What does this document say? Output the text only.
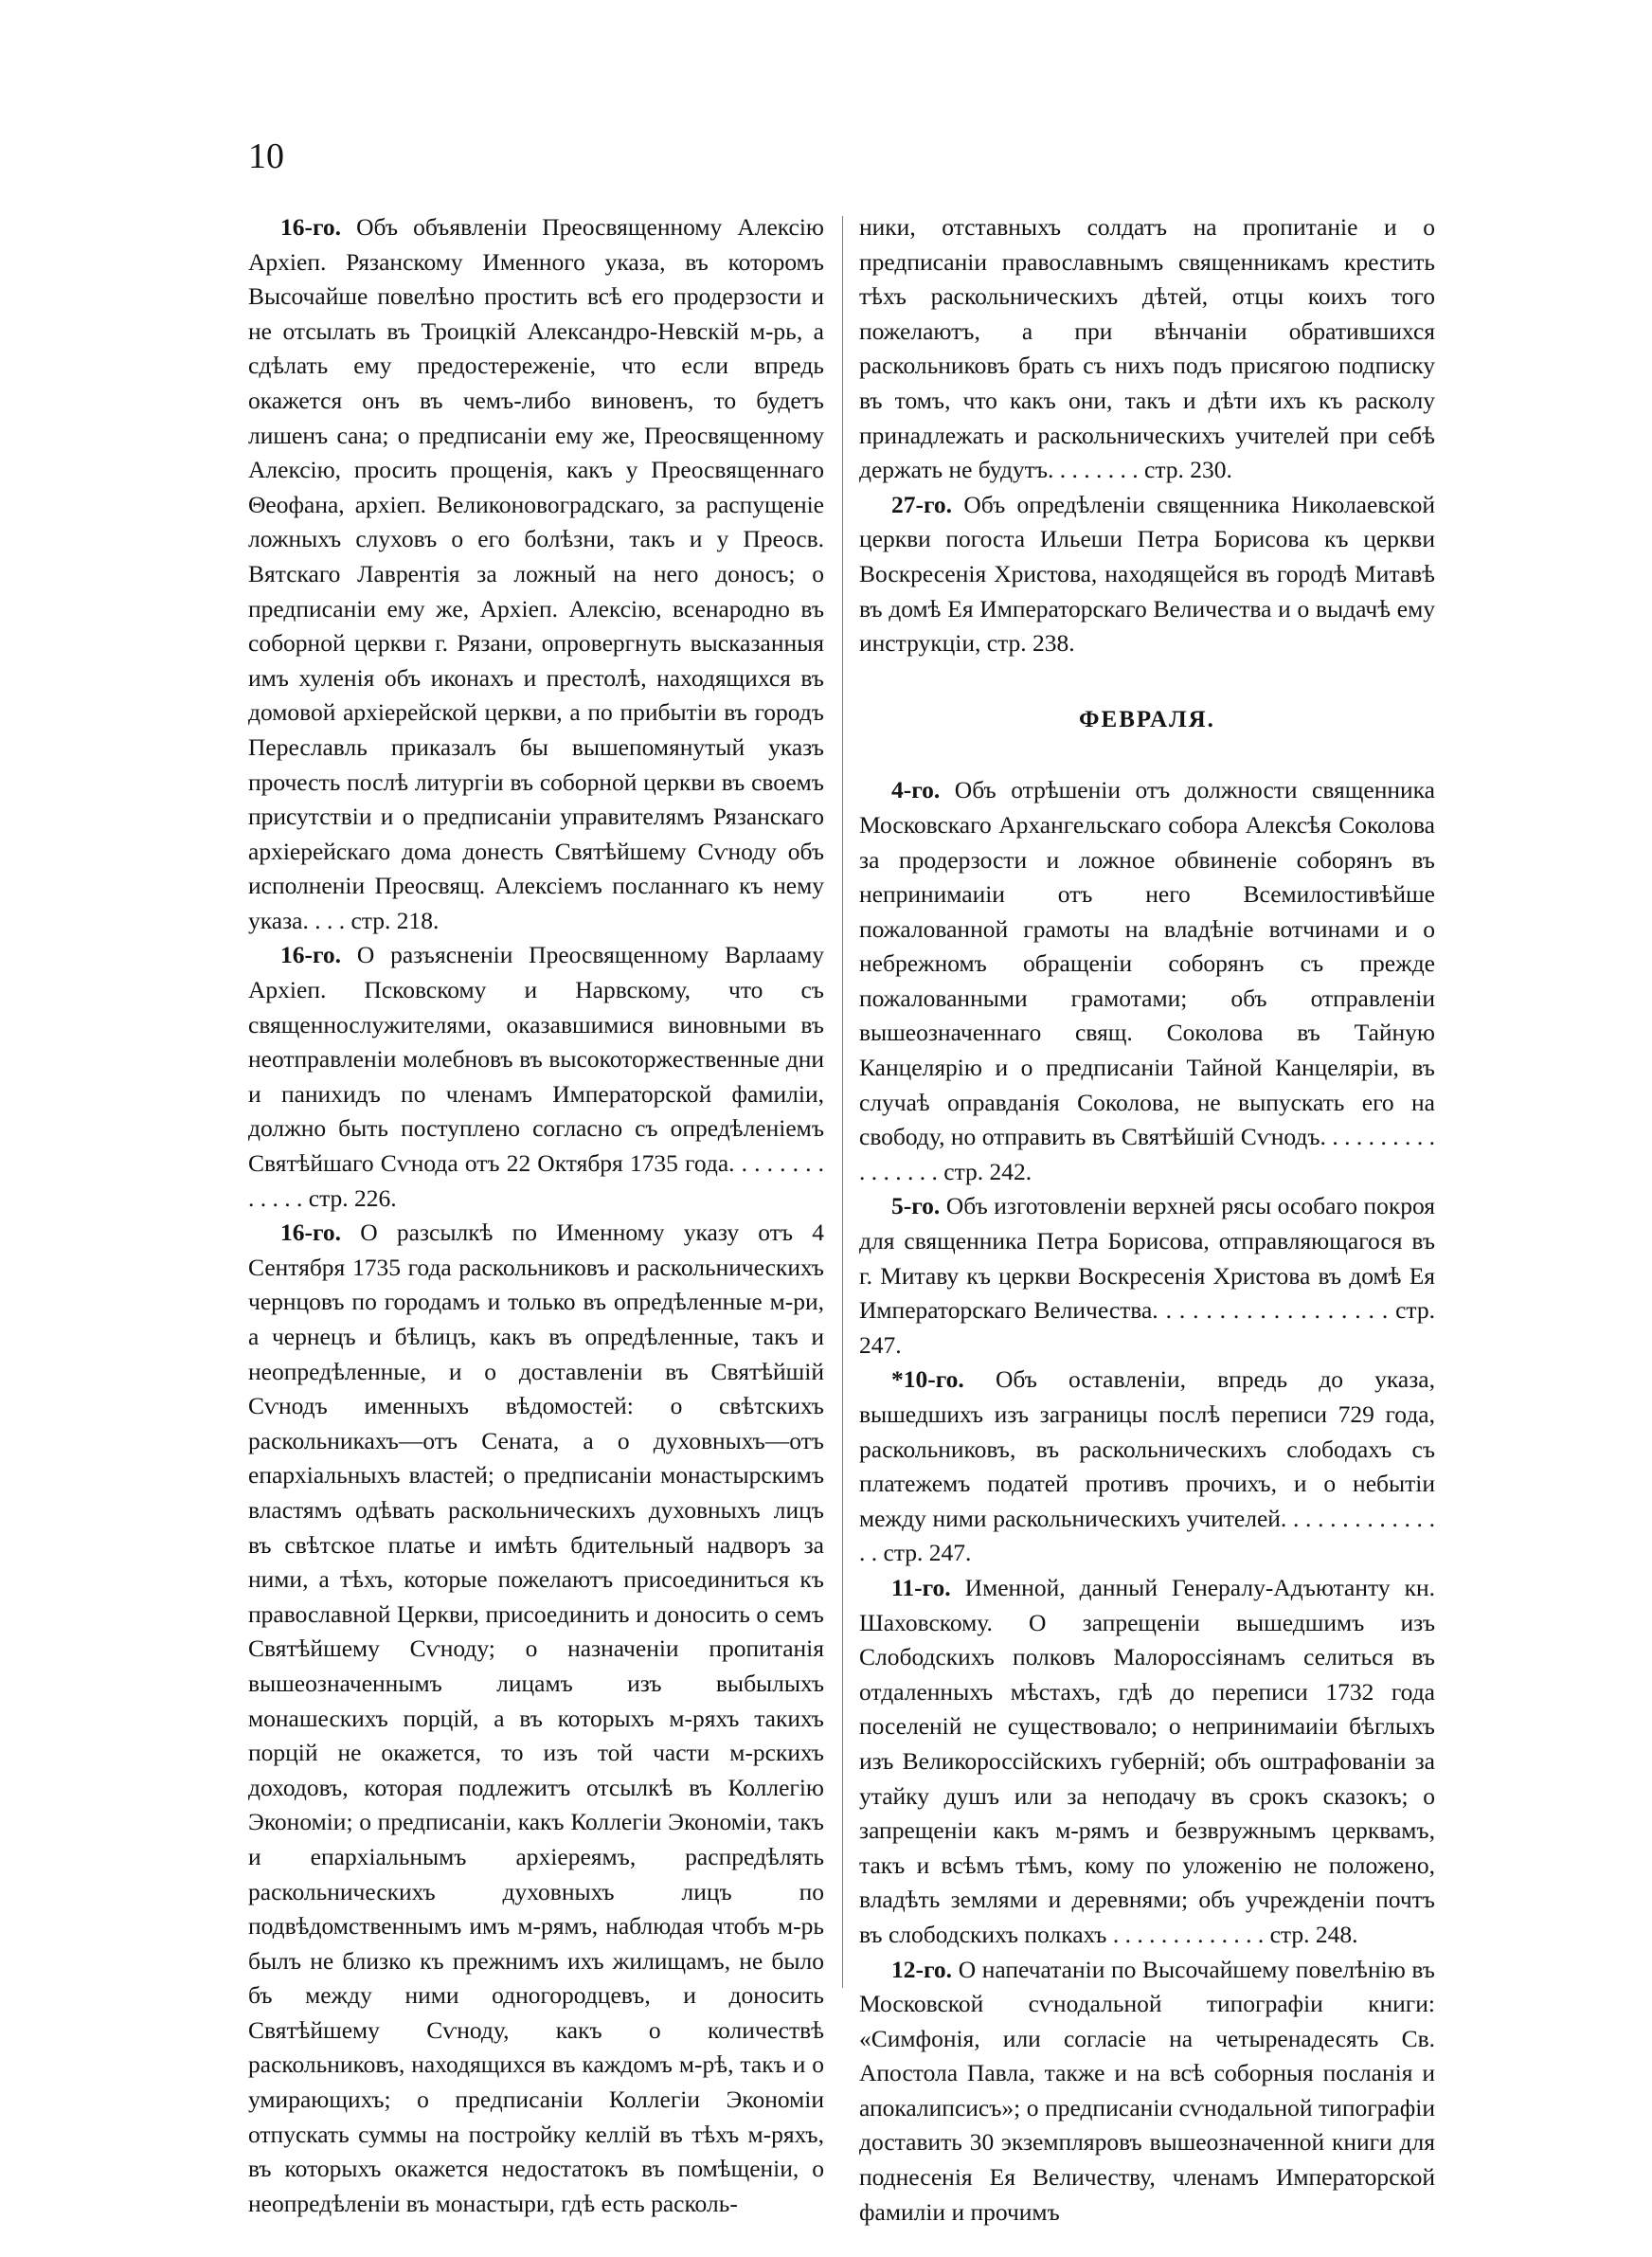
10

16-го. Объ объявленіи Преосвященному Алексію Архіеп. Рязанскому Именного указа, въ которомъ Высочайше повелѣно простить всѣ его продерзости и не отсылать въ Троицкій Александро-Невскій м-рь, а сдѣлать ему предостереженіе, что если впредь окажется онъ въ чемъ-либо виновенъ, то будетъ лишенъ сана; о предписаніи ему же, Преосвященному Алексію, просить прощенія, какъ у Преосвященнаго Θеофана, архіеп. Великоновоградскаго, за распущеніе ложныхъ слуховъ о его болѣзни, такъ и у Преосв. Вятскаго Лаврентія за ложный на него доносъ; о предписаніи ему же, Архіеп. Алексію, всенародно въ соборной церкви г. Рязани, опровергнуть высказанныя имъ хуленія объ иконахъ и престолѣ, находящихся въ домовой архіерейской церкви, а по прибытіи въ городъ Переславль приказалъ бы вышепомянутый указъ прочесть послѣ литургіи въ соборной церкви въ своемъ присутствіи и о предписаніи управителямъ Рязанскаго архіерейскаго дома донесть Святѣйшему Сѵноду объ исполненіи Преосвящ. Алексіемъ посланнаго къ нему указа. . . . стр. 218.

16-го. О разъясненіи Преосвященному Варлааму Архіеп. Псковскому и Нарвскому, что съ священнослужителями, оказавшимися виновными въ неотправленіи молебновъ въ высокоторжественные дни и панихидъ по членамъ Императорской фамиліи, должно быть поступлено согласно съ опредѣленіемъ Святѣйшаго Сѵнода отъ 22 Октября 1735 года. . . . . . . . . . . . . стр. 226.

16-го. О разсылкѣ по Именному указу отъ 4 Сентября 1735 года раскольниковъ и раскольническихъ чернцовъ по городамъ и только въ опредѣленные м-ри, а чернецъ и бѣлицъ, какъ въ опредѣленные, такъ и неопредѣленные, и о доставленіи въ Святѣйшій Сѵнодъ именныхъ вѣдомостей: о свѣтскихъ раскольникахъ—отъ Сената, а о духовныхъ—отъ епархіальныхъ властей; о предписаніи монастырскимъ властямъ одѣвать раскольническихъ духовныхъ лицъ въ свѣтское платье и имѣть бдительный надворъ за ними, а тѣхъ, которые пожелаютъ присоединиться къ православной Церкви, присоединить и доносить о семъ Святѣйшему Сѵноду; о назначеніи пропитанія вышеозначеннымъ лицамъ изъ выбылыхъ монашескихъ порцій, а въ которыхъ м-ряхъ такихъ порцій не окажется, то изъ той части м-рскихъ доходовъ, которая подлежитъ отсылкѣ въ Коллегію Экономіи; о предписаніи, какъ Коллегіи Экономіи, такъ и епархіальнымъ архіереямъ, распредѣлять раскольническихъ духовныхъ лицъ по подвѣдомственнымъ имъ м-рямъ, наблюдая чтобъ м-рь былъ не близко къ прежнимъ ихъ жилищамъ, не было бъ между ними одногородцевъ, и доносить Святѣйшему Сѵноду, какъ о количествѣ раскольниковъ, находящихся въ каждомъ м-рѣ, такъ и о умирающихъ; о предписаніи Коллегіи Экономіи отпускать суммы на постройку келлій въ тѣхъ м-ряхъ, въ которыхъ окажется недостатокъ въ помѣщеніи, о неопредѣленіи въ монастыри, гдѣ есть расколь-

ники, отставныхъ солдатъ на пропитаніе и о предписаніи православнымъ священникамъ крестить тѣхъ раскольническихъ дѣтей, отцы коихъ того пожелаютъ, а при вѣнчаніи обратившихся раскольниковъ брать съ нихъ подъ присягою подписку въ томъ, что какъ они, такъ и дѣти ихъ къ расколу принадлежать и раскольническихъ учителей при себѣ держать не будутъ. . . . . . . . стр. 230.

27-го. Объ опредѣленіи священника Николаевской церкви погоста Ильеши Петра Борисова къ церкви Воскресенія Христова, находящейся въ городѣ Митавѣ въ домѣ Ея Императорскаго Величества и о выдачѣ ему инструкціи, стр. 238.

ФЕВРАЛЯ.

4-го. Объ отрѣшеніи отъ должности священника Московскаго Архангельскаго собора Алексѣя Соколова за продерзости и ложное обвиненіе соборянъ въ непринимаиіи отъ него Всемилостивѣйше пожалованной грамоты на владѣніе вотчинами и о небрежномъ обращеніи соборянъ съ прежде пожалованными грамотами; объ отправленіи вышеозначеннаго свящ. Соколова въ Тайную Канцелярію и о предписаніи Тайной Канцеляріи, въ случаѣ оправданія Соколова, не выпускать его на свободу, но отправить въ Святѣйшій Сѵнодъ. . . . . . . . . . . . . . . . . стр. 242.

5-го. Объ изготовленіи верхней рясы особаго покроя для священника Петра Борисова, отправляющагося въ г. Митаву къ церкви Воскресенія Христова въ домѣ Ея Императорскаго Величества. . . . . . . . . . . . . . . . . . стр. 247.

*10-го. Объ оставленіи, впредь до указа, вышедшихъ изъ заграницы послѣ переписи 729 года, раскольниковъ, въ раскольническихъ слободахъ съ платежемъ податей противъ прочихъ, и о небытіи между ними раскольническихъ учителей. . . . . . . . . . . . . . . стр. 247.

11-го. Именной, данный Генералу-Адъютанту кн. Шаховскому. О запрещеніи вышедшимъ изъ Слободскихъ полковъ Малороссіянамъ селиться въ отдаленныхъ мѣстахъ, гдѣ до переписи 1732 года поселеній не существовало; о непринимаиіи бѣглыхъ изъ Великороссійскихъ губерній; объ оштрафованіи за утайку душъ или за неподачу въ срокъ сказокъ; о запрещеніи какъ м-рямъ и безвружнымъ церквамъ, такъ и всѣмъ тѣмъ, кому по уложенію не положено, владѣть землями и деревнями; объ учрежденіи почтъ въ слободскихъ полкахъ . . . . . . . . . . . . . стр. 248.

12-го. О напечатаніи по Высочайшему повелѣнію въ Московской сѵнодальной типографіи книги: «Симфонія, или согласіе на четыренадесять Св. Апостола Павла, также и на всѣ соборныя посланія и апокалипсисъ»; о предписаніи сѵнодальной типографіи доставить 30 экземпляровъ вышеозначенной книги для поднесенія Ея Величеству, членамъ Императорской фамиліи и прочимъ
